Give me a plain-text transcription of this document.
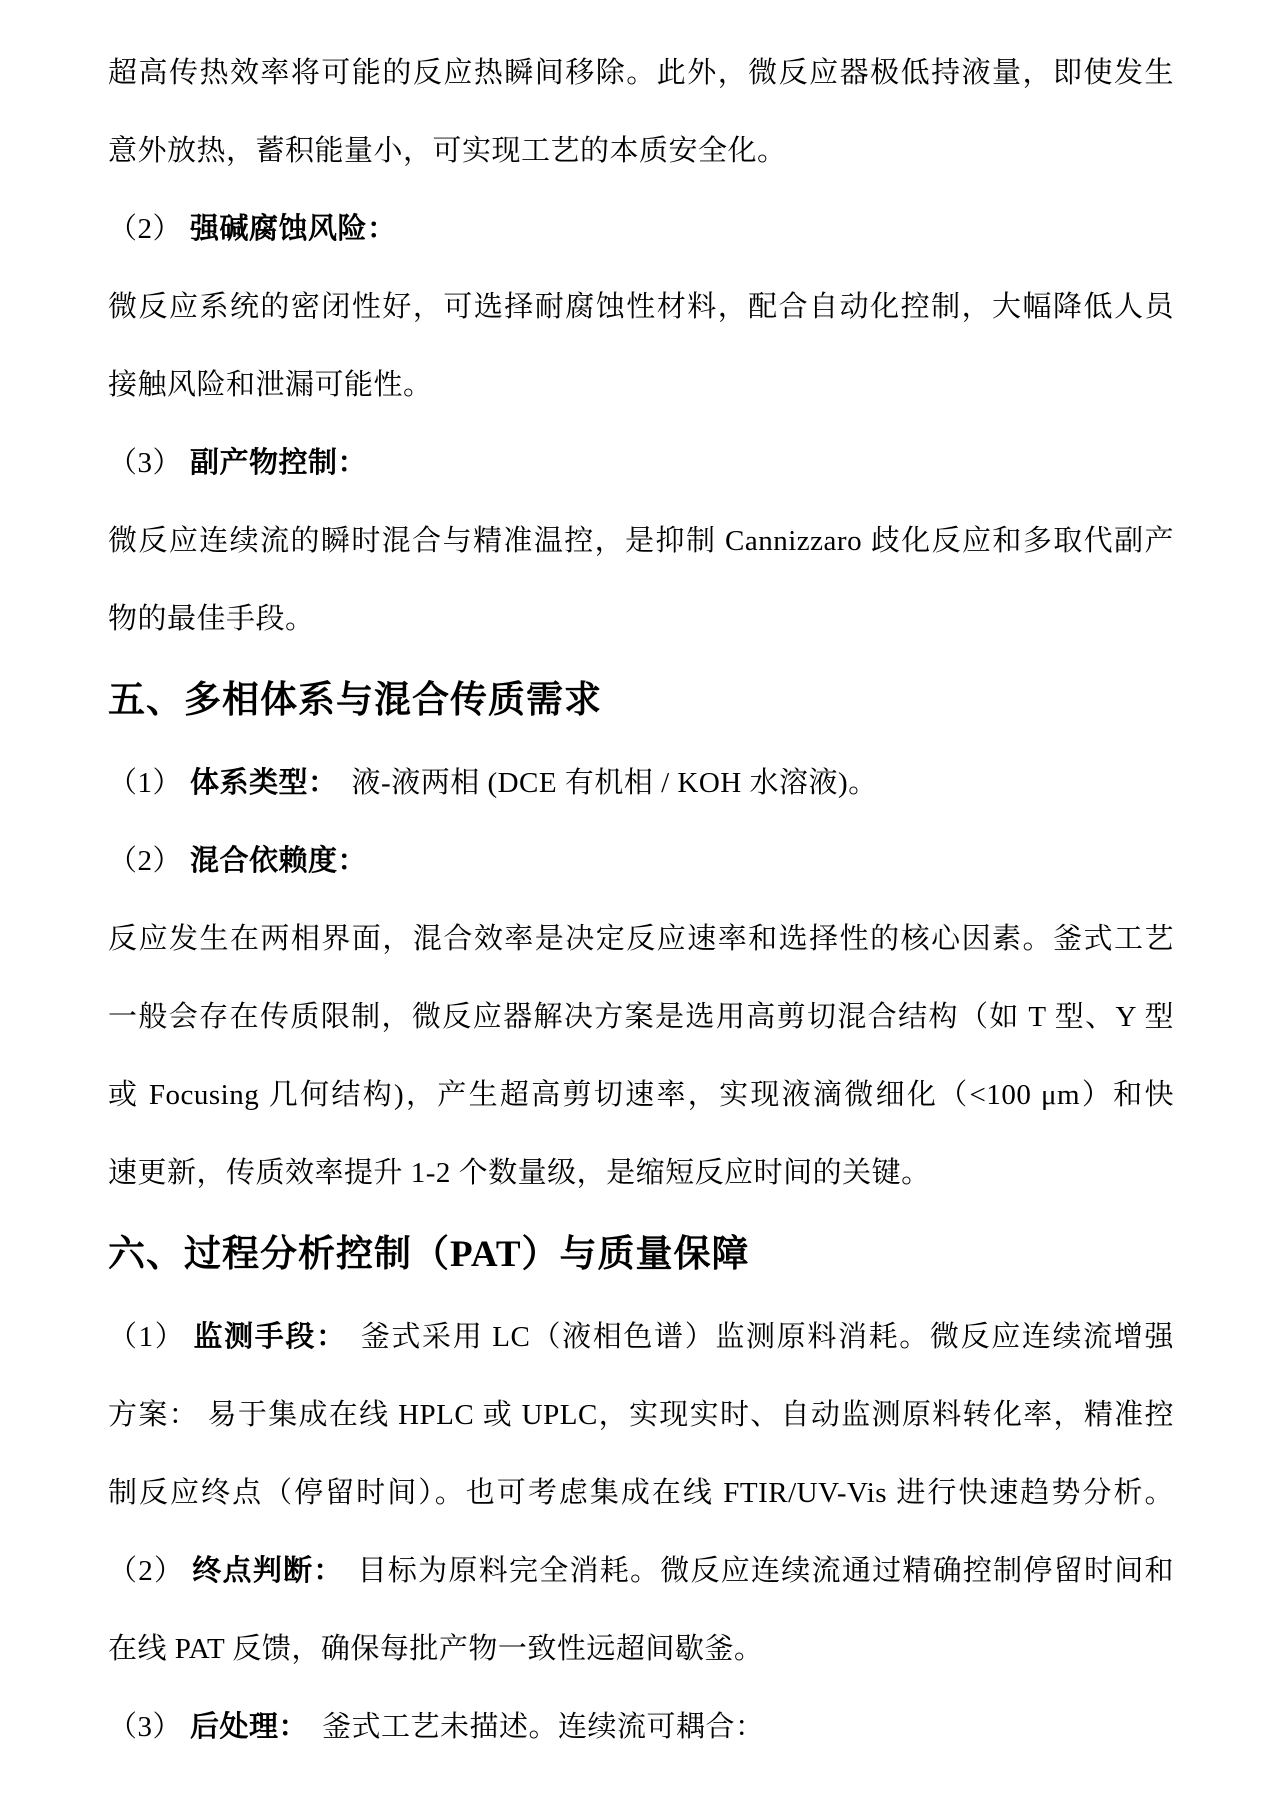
超高传热效率将可能的反应热瞬间移除。此外，微反应器极低持液量，即使发生
意外放热，蓄积能量小，可实现工艺的本质安全化。
（2） 强碱腐蚀风险：
微反应系统的密闭性好，可选择耐腐蚀性材料，配合自动化控制，大幅降低人员
接触风险和泄漏可能性。
（3） 副产物控制：
微反应连续流的瞬时混合与精准温控，是抑制 Cannizzaro 歧化反应和多取代副产
物的最佳手段。
五、多相体系与混合传质需求
（1） 体系类型： 液-液两相 (DCE 有机相 / KOH 水溶液)。
（2） 混合依赖度：
反应发生在两相界面，混合效率是决定反应速率和选择性的核心因素。釜式工艺
一般会存在传质限制，微反应器解决方案是选用高剪切混合结构（如 T 型、Y 型
或 Focusing 几何结构)，产生超高剪切速率，实现液滴微细化（<100 μm）和快
速更新，传质效率提升 1-2 个数量级，是缩短反应时间的关键。
六、过程分析控制（PAT）与质量保障
（1） 监测手段： 釜式采用 LC（液相色谱）监测原料消耗。微反应连续流增强
方案： 易于集成在线 HPLC 或 UPLC，实现实时、自动监测原料转化率，精准控
制反应终点（停留时间）。也可考虑集成在线 FTIR/UV-Vis 进行快速趋势分析。
（2） 终点判断： 目标为原料完全消耗。微反应连续流通过精确控制停留时间和
在线 PAT 反馈，确保每批产物一致性远超间歇釜。
（3） 后处理： 釜式工艺未描述。连续流可耦合：
